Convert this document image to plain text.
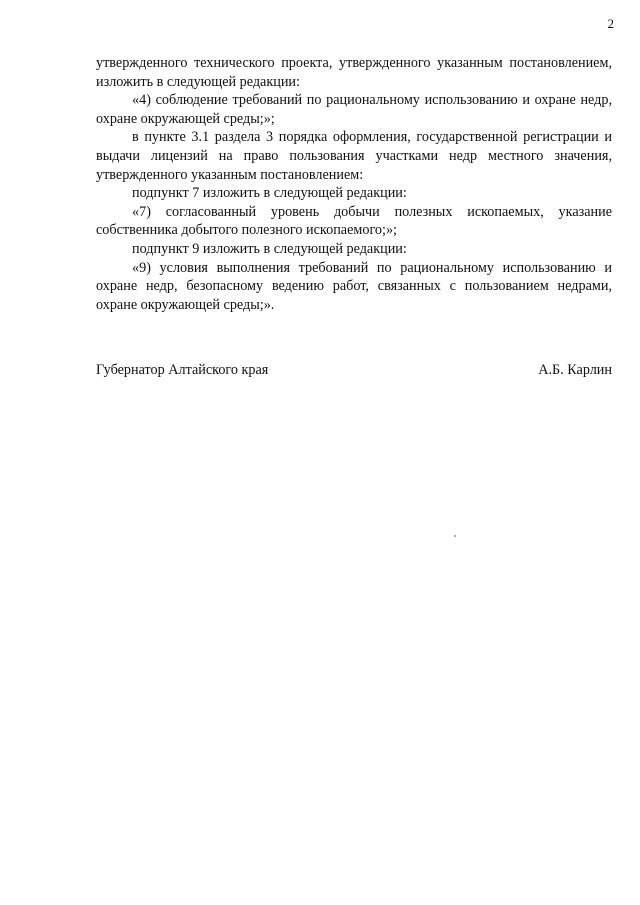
2

утвержденного технического проекта, утвержденного указанным постановлением, изложить в следующей редакции:

«4) соблюдение требований по рациональному использованию и охране недр, охране окружающей среды;»;

в пункте 3.1 раздела 3 порядка оформления, государственной регистрации и выдачи лицензий на право пользования участками недр местного значения, утвержденного указанным постановлением:

подпункт 7 изложить в следующей редакции:

«7) согласованный уровень добычи полезных ископаемых, указание собственника добытого полезного ископаемого;»;

подпункт 9 изложить в следующей редакции:

«9) условия выполнения требований по рациональному использованию и охране недр, безопасному ведению работ, связанных с пользованием недрами, охране окружающей среды;».

Губернатор Алтайского края	А.Б. Карлин
